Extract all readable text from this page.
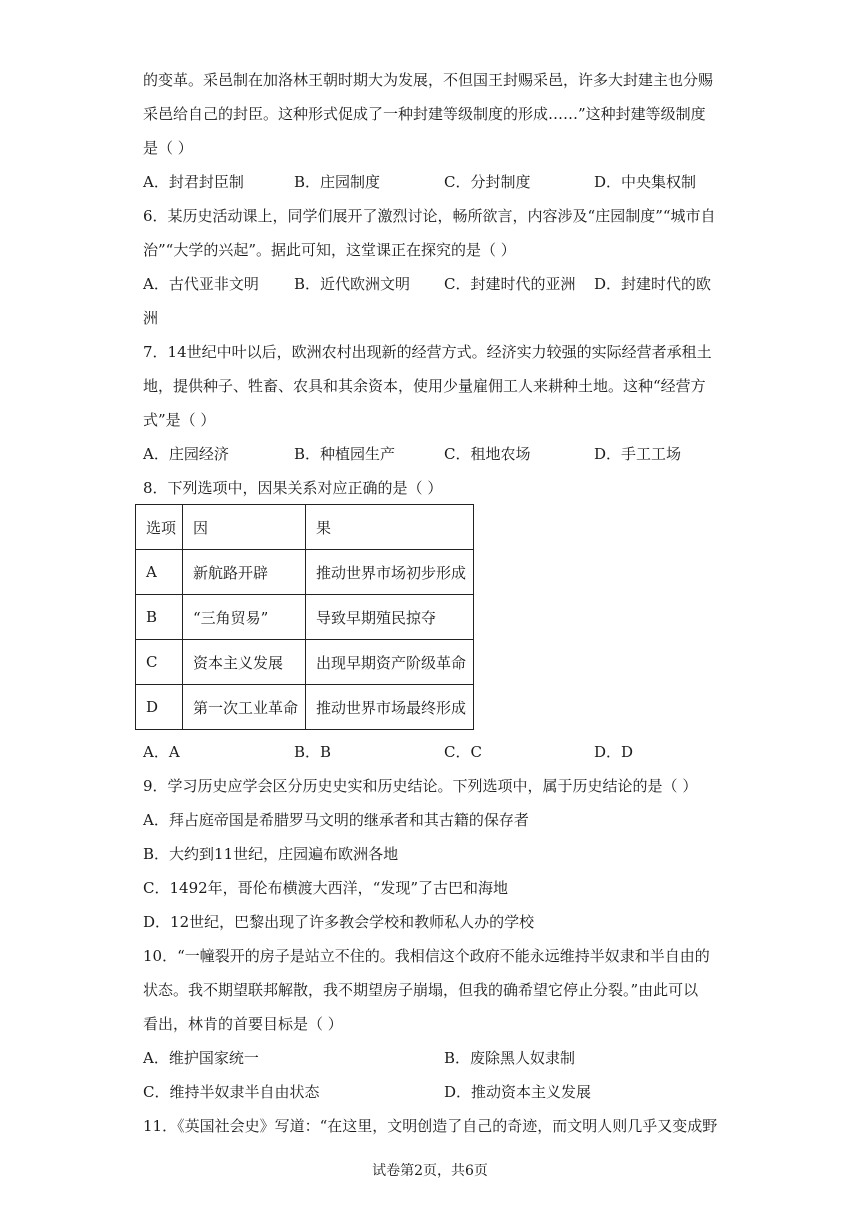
的变革。采邑制在加洛林王朝时期大为发展，不但国王封赐采邑，许多大封建主也分赐
采邑给自己的封臣。这种形式促成了一种封建等级制度的形成……”这种封建等级制度
是（ ）
A．封君封臣制	B．庄园制度	C．分封制度	D．中央集权制
6．某历史活动课上，同学们展开了激烈讨论，畅所欲言，内容涉及“庄园制度”“城市自
治”“大学的兴起”。据此可知，这堂课正在探究的是（ ）
A．古代亚非文明 B．近代欧洲文明 C．封建时代的亚洲 D．封建时代的欧
洲
7．14世纪中叶以后，欧洲农村出现新的经营方式。经济实力较强的实际经营者承租土
地，提供种子、牲畜、农具和其余资本，使用少量雇佣工人来耕种土地。这种“经营方
式”是（ ）
A．庄园经济	B．种植园生产	C．租地农场	D．手工工场
8．下列选项中，因果关系对应正确的是（ ）
选项	因	果
A	新航路开辟	推动世界市场初步形成
B	“三角贸易”	导致早期殖民掠夺
C	资本主义发展	出现早期资产阶级革命
D	第一次工业革命	推动世界市场最终形成
A．A	B．B	C．C	D．D
9．学习历史应学会区分历史史实和历史结论。下列选项中，属于历史结论的是（ ）
A．拜占庭帝国是希腊罗马文明的继承者和其古籍的保存者
B．大约到11世纪，庄园遍布欧洲各地
C．1492年，哥伦布横渡大西洋，“发现”了古巴和海地
D．12世纪，巴黎出现了许多教会学校和教师私人办的学校
10．“一幢裂开的房子是站立不住的。我相信这个政府不能永远维持半奴隶和半自由的
状态。我不期望联邦解散，我不期望房子崩塌，但我的确希望它停止分裂。”由此可以
看出，林肯的首要目标是（ ）
A．维护国家统一	B．废除黑人奴隶制
C．维持半奴隶半自由状态	D．推动资本主义发展
11．《英国社会史》写道：“在这里，文明创造了自己的奇迹，而文明人则几乎又变成野
试卷第2页，共6页
